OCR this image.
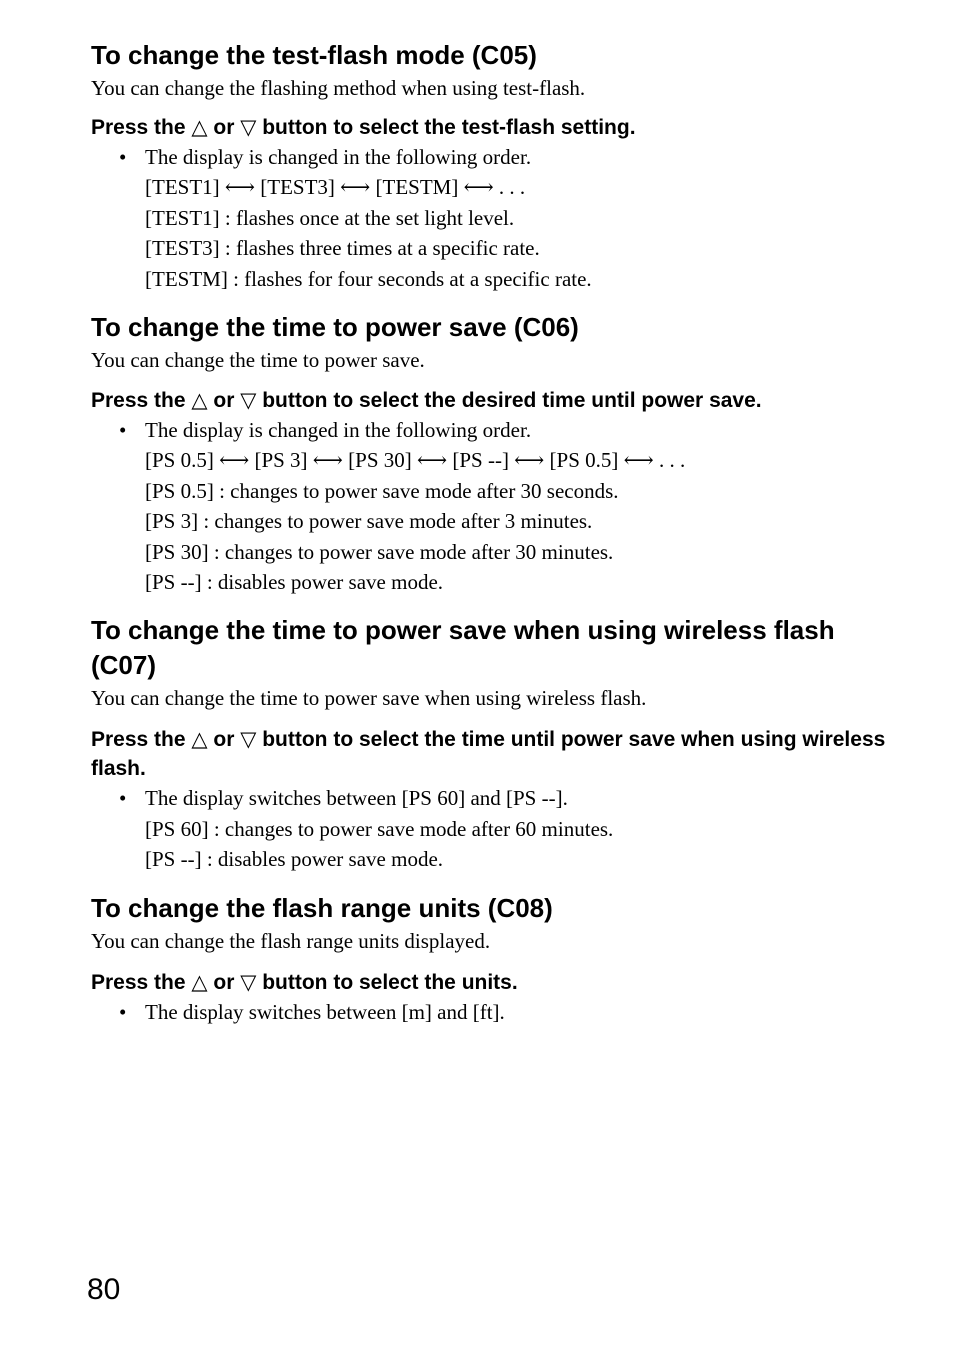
To change the test-flash mode (C05)

You can change the flashing method when using test-flash.

Press the △ or ▽ button to select the test-flash setting.

• The display is changed in the following order.
[TEST1] ⟷ [TEST3] ⟷ [TESTM] ⟷ . . .
[TEST1] : flashes once at the set light level.
[TEST3] : flashes three times at a specific rate.
[TESTM] : flashes for four seconds at a specific rate.
To change the time to power save (C06)

You can change the time to power save.

Press the △ or ▽ button to select the desired time until power save.

• The display is changed in the following order.
[PS 0.5] ⟷ [PS 3] ⟷ [PS 30] ⟷ [PS --] ⟷ [PS 0.5] ⟷ . . .
[PS 0.5] : changes to power save mode after 30 seconds.
[PS 3] : changes to power save mode after 3 minutes.
[PS 30] : changes to power save mode after 30 minutes.
[PS --] : disables power save mode.
To change the time to power save when using wireless flash (C07)

You can change the time to power save when using wireless flash.

Press the △ or ▽ button to select the time until power save when using wireless flash.

• The display switches between [PS 60] and [PS --].
[PS 60] : changes to power save mode after 60 minutes.
[PS --] : disables power save mode.
To change the flash range units (C08)

You can change the flash range units displayed.

Press the △ or ▽ button to select the units.

• The display switches between [m] and [ft].
80
